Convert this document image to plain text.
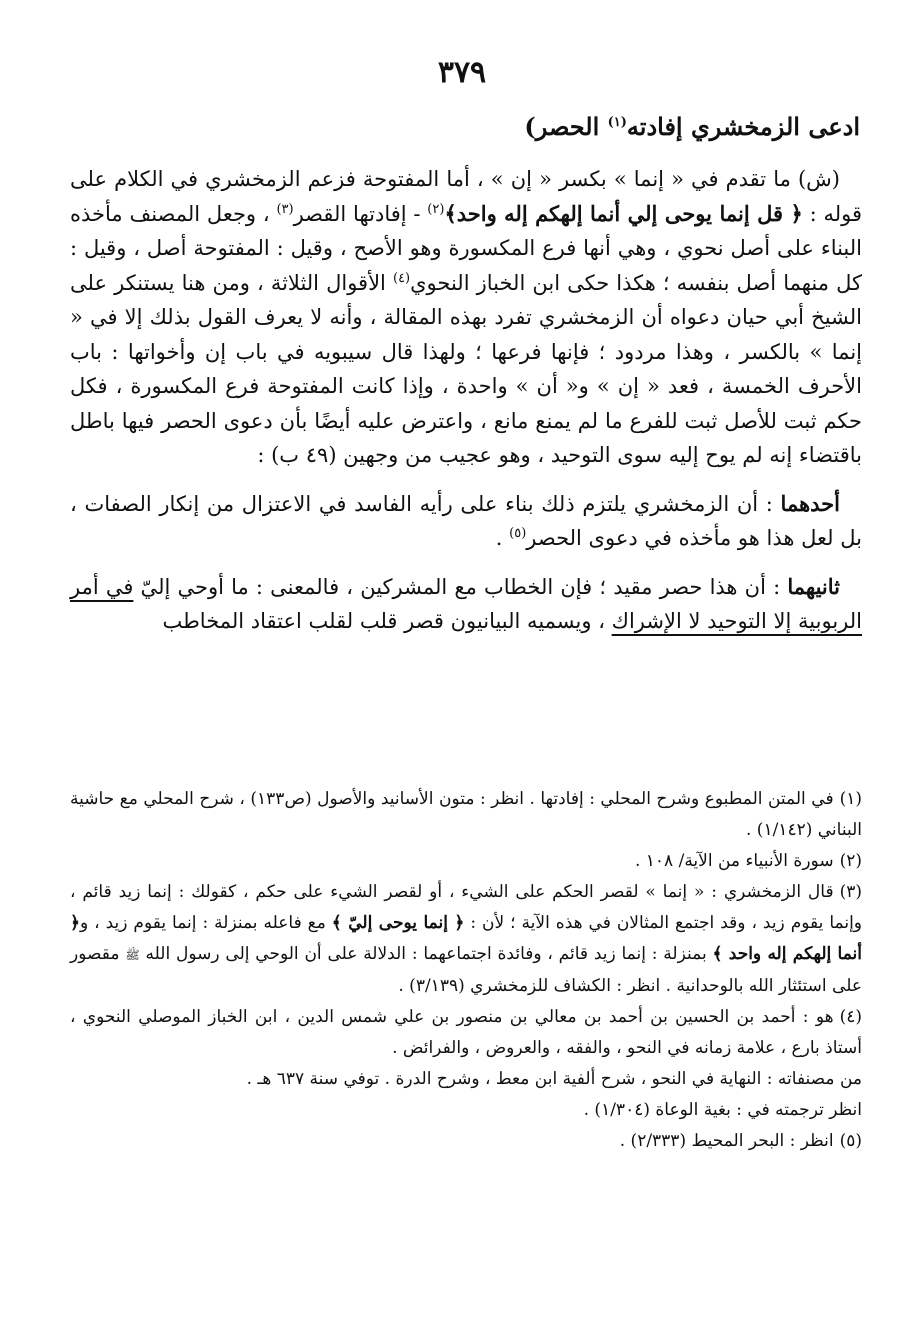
٣٧٩
ادعى الزمخشري إفادته$^{(١)}$ الحصر)

(ش) ما تقدم في « إنما » بكسر « إن » ، أما المفتوحة فزعم الزمخشري في الكلام على قوله : ﴿ قل إنما يوحى إلي أنما إلهكم إله واحد﴾$^{(٢)}$ - إفادتها القصر$^{(٣)}$ ، وجعل المصنف مأخذه البناء على أصل نحوي ، وهي أنها فرع المكسورة وهو الأصح ، وقيل : المفتوحة أصل ، وقيل : كل منهما أصل بنفسه ؛ هكذا حكى ابن الخباز النحوي$^{(٤)}$ الأقوال الثلاثة ، ومن هنا يستنكر على الشيخ أبي حيان دعواه أن الزمخشري تفرد بهذه المقالة ، وأنه لا يعرف القول بذلك إلا في « إنما » بالكسر ، وهذا مردود ؛ فإنها فرعها ؛ ولهذا قال سيبويه في باب إن وأخواتها : باب الأحرف الخمسة ، فعد « إن » و« أن » واحدة ، وإذا كانت المفتوحة فرع المكسورة ، فكل حكم ثبت للأصل ثبت للفرع ما لم يمنع مانع ، واعترض عليه أيضًا بأن دعوى الحصر فيها باطل باقتضاء إنه لم يوح إليه سوى التوحيد ، وهو عجيب من وجهين (٤٩ ب) :

أحدهما : أن الزمخشري يلتزم ذلك بناء على رأيه الفاسد في الاعتزال من إنكار الصفات ، بل لعل هذا هو مأخذه في دعوى الحصر$^{(٥)}$ .

ثانيهما : أن هذا حصر مقيد ؛ فإن الخطاب مع المشركين ، فالمعنى : ما أوحي إليّ في أمر الربوبية إلا التوحيد لا الإشراك ، ويسميه البيانيون قصر قلب لقلب اعتقاد المخاطب

(١)في المتن المطبوع وشرح المحلي : إفادتها . انظر : متون الأسانيد والأصول (ص١٣٣) ، شرح المحلي مع حاشية البناني (١/١٤٢) .

(٢)سورة الأنبياء من الآية/ ١٠٨ .

(٣)قال الزمخشري : « إنما » لقصر الحكم على الشيء ، أو لقصر الشيء على حكم ، كقولك : إنما زيد قائم ، وإنما يقوم زيد ، وقد اجتمع المثالان في هذه الآية ؛ لأن : ﴿ إنما يوحى إليّ ﴾ مع فاعله بمنزلة : إنما يقوم زيد ، و﴿ أنما إلهكم إله واحد ﴾ بمنزلة : إنما زيد قائم ، وفائدة اجتماعهما : الدلالة على أن الوحي إلى رسول الله ﷺ مقصور على استئثار الله بالوحدانية . انظر : الكشاف للزمخشري (٣/١٣٩) .

(٤)هو : أحمد بن الحسين بن أحمد بن معالي بن منصور بن علي شمس الدين ، ابن الخباز الموصلي النحوي ، أستاذ بارع ، علامة زمانه في النحو ، والفقه ، والعروض ، والفرائض .

من مصنفاته : النهاية في النحو ، شرح ألفية ابن معط ، وشرح الدرة . توفي سنة ٦٣٧ هـ .

انظر ترجمته في : بغية الوعاة (١/٣٠٤) .

(٥)انظر : البحر المحيط (٢/٣٣٣) .
